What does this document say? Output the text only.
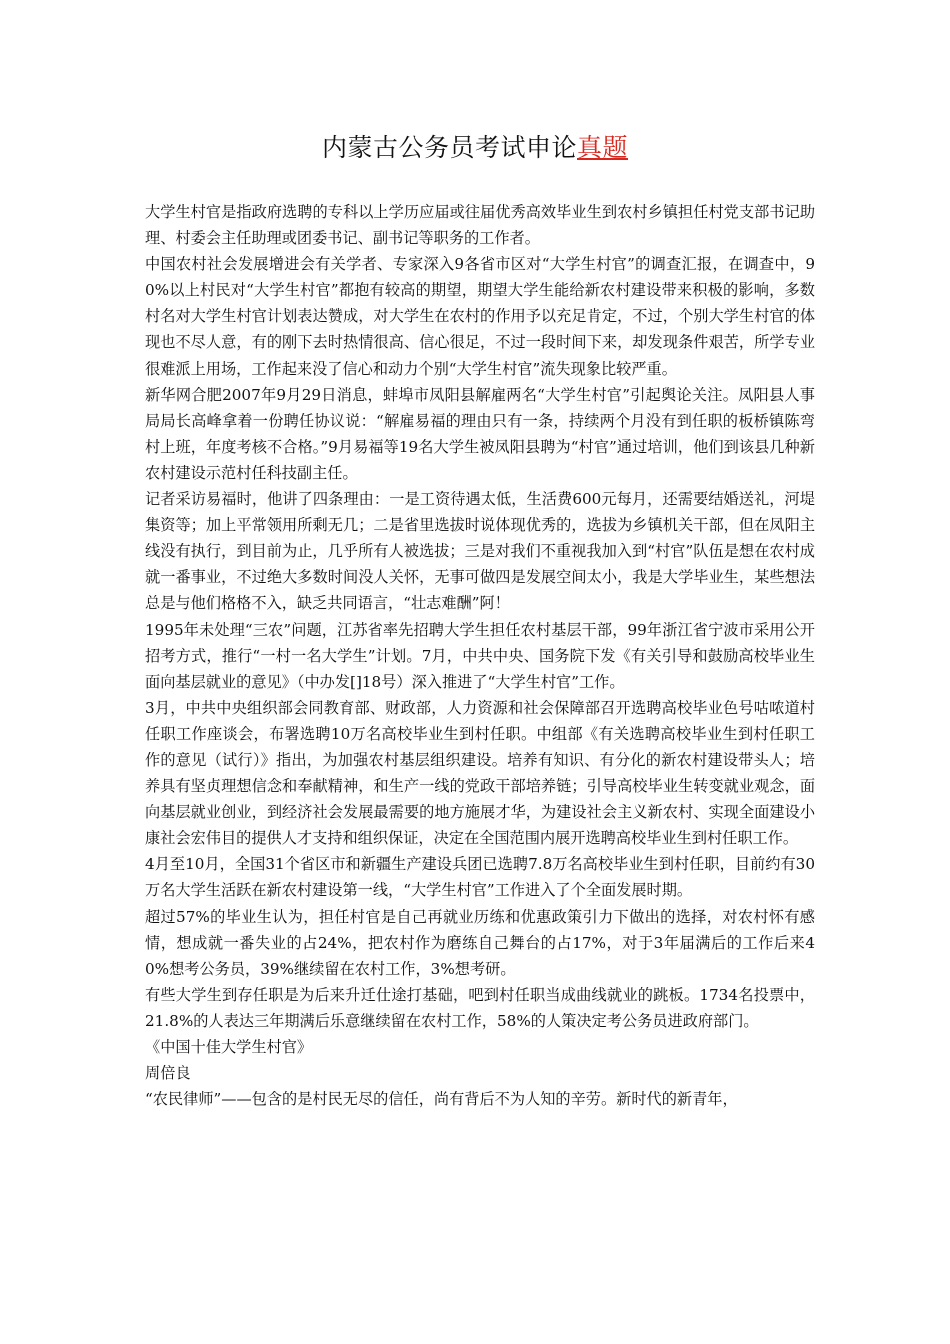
内蒙古公务员考试申论真题

大学生村官是指政府选聘的专科以上学历应届或往届优秀高效毕业生到农村乡镇担任村党支部书记助理、村委会主任助理或团委书记、副书记等职务的工作者。

中国农村社会发展增进会有关学者、专家深入9各省市区对“大学生村官”的调查汇报，在调查中，90%以上村民对“大学生村官”都抱有较高的期望，期望大学生能给新农村建设带来积极的影响，多数村名对大学生村官计划表达赞成，对大学生在农村的作用予以充足肯定，不过，个别大学生村官的体现也不尽人意，有的刚下去时热情很高、信心很足，不过一段时间下来，却发现条件艰苦，所学专业很难派上用场，工作起来没了信心和动力个别“大学生村官”流失现象比较严重。

新华网合肥2007年9月29日消息，蚌埠市凤阳县解雇两名“大学生村官”引起舆论关注。凤阳县人事局局长高峰拿着一份聘任协议说：“解雇易福的理由只有一条，持续两个月没有到任职的板桥镇陈弯村上班，年度考核不合格。”9月易福等19名大学生被凤阳县聘为“村官”通过培训，他们到该县几种新农村建设示范村任科技副主任。

记者采访易福时，他讲了四条理由：一是工资待遇太低，生活费600元每月，还需要结婚送礼，河堤集资等；加上平常领用所剩无几；二是省里选拔时说体现优秀的，选拔为乡镇机关干部，但在凤阳主线没有执行，到目前为止，几乎所有人被选拔；三是对我们不重视我加入到“村官”队伍是想在农村成就一番事业，不过绝大多数时间没人关怀，无事可做四是发展空间太小，我是大学毕业生，某些想法总是与他们格格不入，缺乏共同语言，“壮志难酬”阿！

1995年未处理“三农”问题，江苏省率先招聘大学生担任农村基层干部，99年浙江省宁波市采用公开招考方式，推行“一村一名大学生”计划。7月，中共中央、国务院下发《有关引导和鼓励高校毕业生面向基层就业的意见》（中办发[]18号）深入推进了“大学生村官”工作。

3月，中共中央组织部会同教育部、财政部，人力资源和社会保障部召开选聘高校毕业色号咕哝道村任职工作座谈会，布署选聘10万名高校毕业生到村任职。中组部《有关选聘高校毕业生到村任职工作的意见（试行）》指出，为加强农村基层组织建设。培养有知识、有分化的新农村建设带头人；培养具有坚贞理想信念和奉献精神，和生产一线的党政干部培养链；引导高校毕业生转变就业观念，面向基层就业创业，到经济社会发展最需要的地方施展才华，为建设社会主义新农村、实现全面建设小康社会宏伟目的提供人才支持和组织保证，决定在全国范围内展开选聘高校毕业生到村任职工作。

4月至10月，全国31个省区市和新疆生产建设兵团已选聘7.8万名高校毕业生到村任职，目前约有30万名大学生活跃在新农村建设第一线，“大学生村官”工作进入了个全面发展时期。

超过57%的毕业生认为，担任村官是自己再就业历练和优惠政策引力下做出的选择，对农村怀有感情，想成就一番失业的占24%，把农村作为磨练自己舞台的占17%，对于3年届满后的工作后来40%想考公务员，39%继续留在农村工作，3%想考研。

有些大学生到存任职是为后来升迁仕途打基础，吧到村任职当成曲线就业的跳板。1734名投票中，21.8%的人表达三年期满后乐意继续留在农村工作，58%的人策决定考公务员进政府部门。

《中国十佳大学生村官》

周倍良

“农民律师”——包含的是村民无尽的信任，尚有背后不为人知的辛劳。新时代的新青年，
